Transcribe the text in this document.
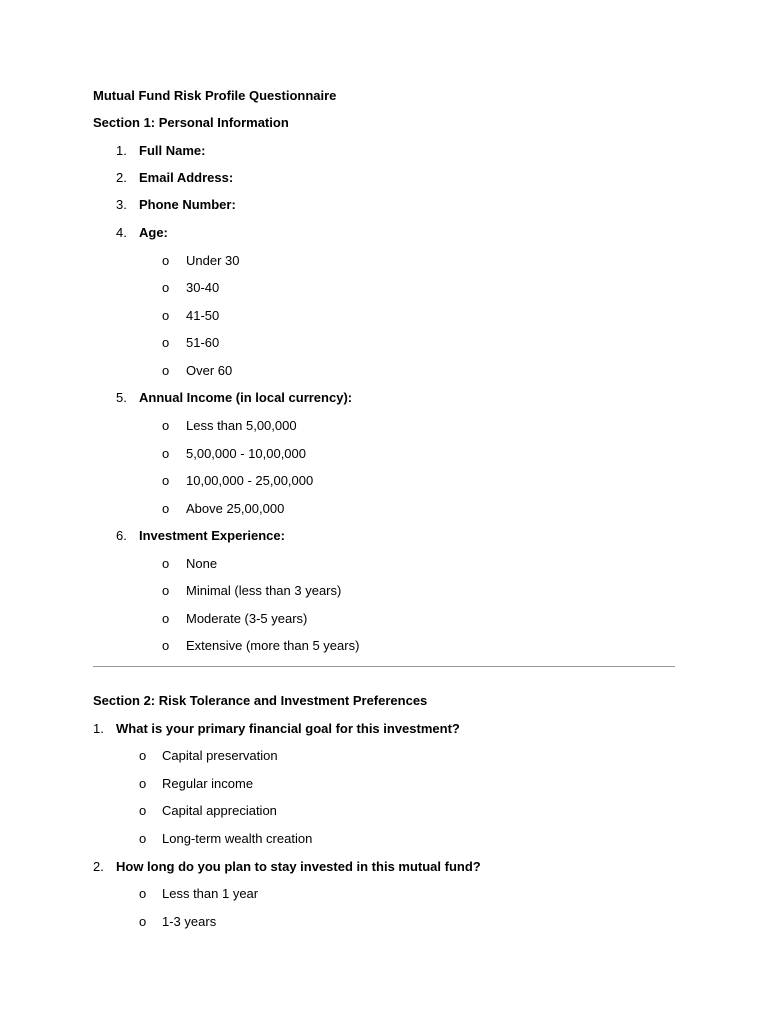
Mutual Fund Risk Profile Questionnaire
Section 1: Personal Information
1. Full Name:
2. Email Address:
3. Phone Number:
4. Age:
o Under 30
o 30-40
o 41-50
o 51-60
o Over 60
5. Annual Income (in local currency):
o Less than 5,00,000
o 5,00,000 - 10,00,000
o 10,00,000 - 25,00,000
o Above 25,00,000
6. Investment Experience:
o None
o Minimal (less than 3 years)
o Moderate (3-5 years)
o Extensive (more than 5 years)
Section 2: Risk Tolerance and Investment Preferences
1. What is your primary financial goal for this investment?
o Capital preservation
o Regular income
o Capital appreciation
o Long-term wealth creation
2. How long do you plan to stay invested in this mutual fund?
o Less than 1 year
o 1-3 years
